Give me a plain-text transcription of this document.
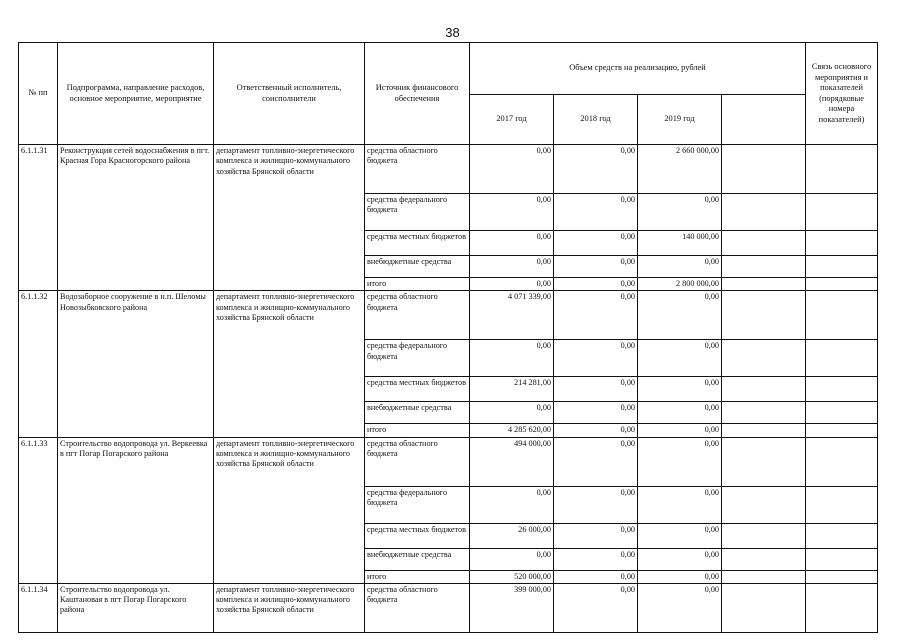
38
№ пп	Подпрограмма, направление расходов, основное мероприятие, мероприятие	Ответственный исполнитель, соисполнители	Источник финансового обеспечения	Объем средств на реализацию, рублей				Связь основного мероприятия и показателей (порядковые номера показателей)
				2017 год	2018 год	2019 год		
6.1.1.31	Реконструкция сетей водоснабжения в пгт. Красная Гора Красногорского района	департамент топливно-энергетического комплекса и жилищно-коммунального хозяйства Брянской области	средства областного бюджета	0,00	0,00	2 660 000,00		
			средства федерального бюджета	0,00	0,00	0,00		
			средства местных бюджетов	0,00	0,00	140 000,00		
			внебюджетные средства	0,00	0,00	0,00		
			итого	0,00	0,00	2 800 000,00		
6.1.1.32	Водозаборное сооружение в н.п. Шеломы Новозыбковского района	департамент топливно-энергетического комплекса и жилищно-коммунального хозяйства Брянской области	средства областного бюджета	4 071 339,00	0,00	0,00		
			средства федерального бюджета	0,00	0,00	0,00		
			средства местных бюджетов	214 281,00	0,00	0,00		
			внебюджетные средства	0,00	0,00	0,00		
			итого	4 285 620,00	0,00	0,00		
6.1.1.33	Строительство водопровода ул. Веркеевка в пгт Погар Погарского района	департамент топливно-энергетического комплекса и жилищно-коммунального хозяйства Брянской области	средства областного бюджета	494 000,00	0,00	0,00		
			средства федерального бюджета	0,00	0,00	0,00		
			средства местных бюджетов	26 000,00	0,00	0,00		
			внебюджетные средства	0,00	0,00	0,00		
			итого	520 000,00	0,00	0,00		
6.1.1.34	Строительство водопровода ул. Каштановая в пгт Погар Погарского района	департамент топливно-энергетического комплекса и жилищно-коммунального хозяйства Брянской области	средства областного бюджета	399 000,00	0,00	0,00		
